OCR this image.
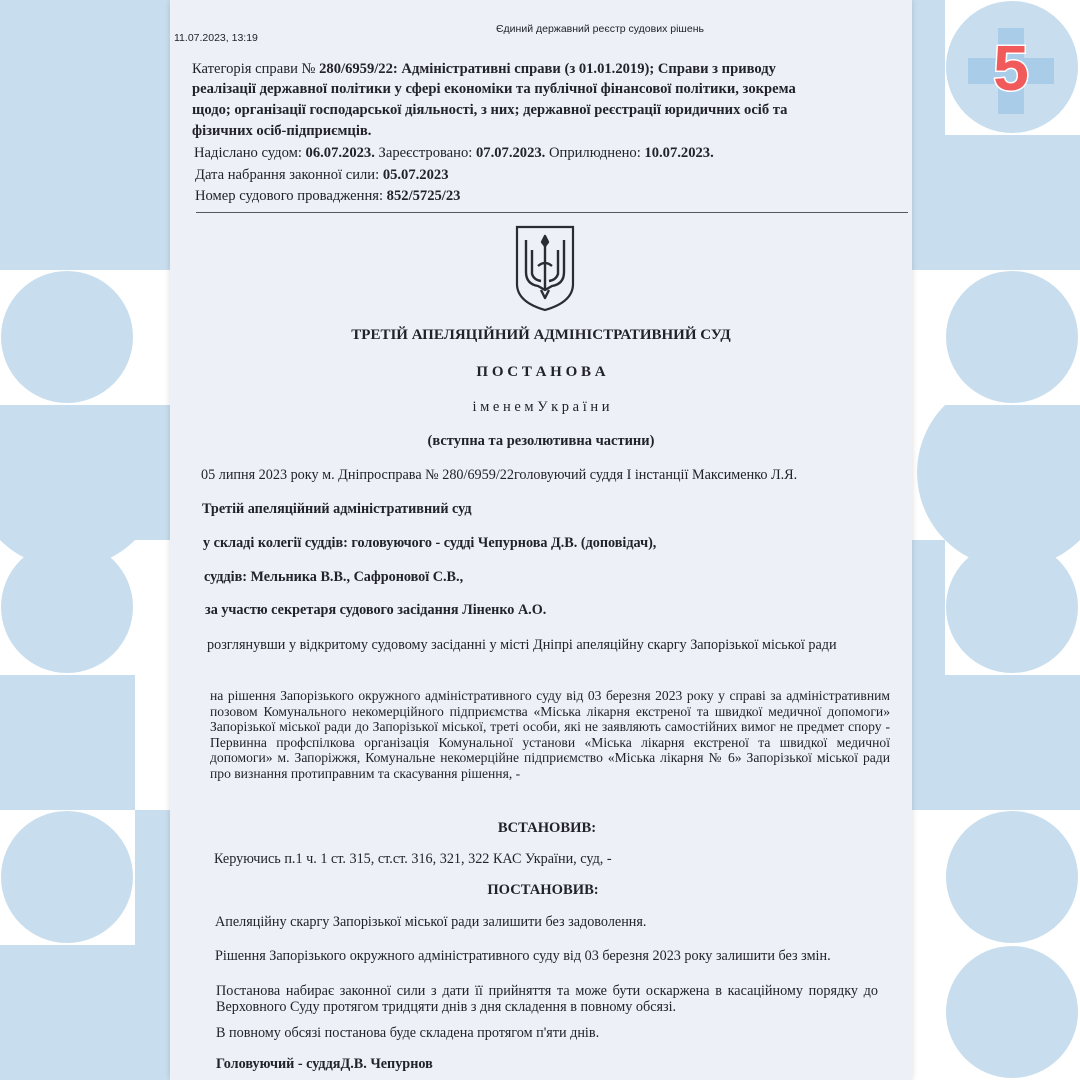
5
11.07.2023, 13:19
Єдиний державний реєстр судових рішень
Категорія справи № 280/6959/22: Адміністративні справи (з 01.01.2019); Справи з приводу
реалізації державної політики у сфері економіки та публічної фінансової політики, зокрема
щодо; організації господарської діяльності, з них; державної реєстрації юридичних осіб та
фізичних осіб-підприємців.
Надіслано судом: 06.07.2023. Зареєстровано: 07.07.2023. Оприлюднено: 10.07.2023.
Дата набрання законної сили: 05.07.2023
Номер судового провадження: 852/5725/23
ТРЕТІЙ АПЕЛЯЦІЙНИЙ АДМІНІСТРАТИВНИЙ СУД
П О С Т А Н О В А
і м е н е м У к р а ї н и
(вступна та резолютивна частини)
05 липня 2023 року м. Дніпросправа № 280/6959/22головуючий суддя І інстанції Максименко Л.Я.
Третій апеляційний адміністративний суд
у складі колегії суддів: головуючого - судді Чепурнова Д.В. (доповідач),
суддів: Мельника В.В., Сафронової С.В.,
за участю секретаря судового засідання Ліненко А.О.
розглянувши у відкритому судовому засіданні у місті Дніпрі апеляційну скаргу Запорізької міської ради
на рішення Запорізького окружного адміністративного суду від 03 березня 2023 року у справі за адміністративним позовом Комунального некомерційного підприємства «Міська лікарня екстреної та швидкої медичної допомоги» Запорізької міської ради до Запорізької міської, треті особи, які не заявляють самостійних вимог не предмет спору - Первинна профспілкова організація Комунальної установи «Міська лікарня екстреної та швидкої медичної допомоги» м. Запоріжжя, Комунальне некомерційне підприємство «Міська лікарня № 6» Запорізької міської ради про визнання протиправним та скасування рішення, -
ВСТАНОВИВ:
Керуючись п.1 ч. 1 ст. 315, ст.ст. 316, 321, 322 КАС України, суд, -
ПОСТАНОВИВ:
Апеляційну скаргу Запорізької міської ради залишити без задоволення.
Рішення Запорізького окружного адміністративного суду від 03 березня 2023 року залишити без змін.
Постанова набирає законної сили з дати її прийняття та може бути оскаржена в касаційному порядку до Верховного Суду протягом тридцяти днів з дня складення в повному обсязі.
В повному обсязі постанова буде складена протягом п'яти днів.
Головуючий - суддяД.В. Чепурнов
